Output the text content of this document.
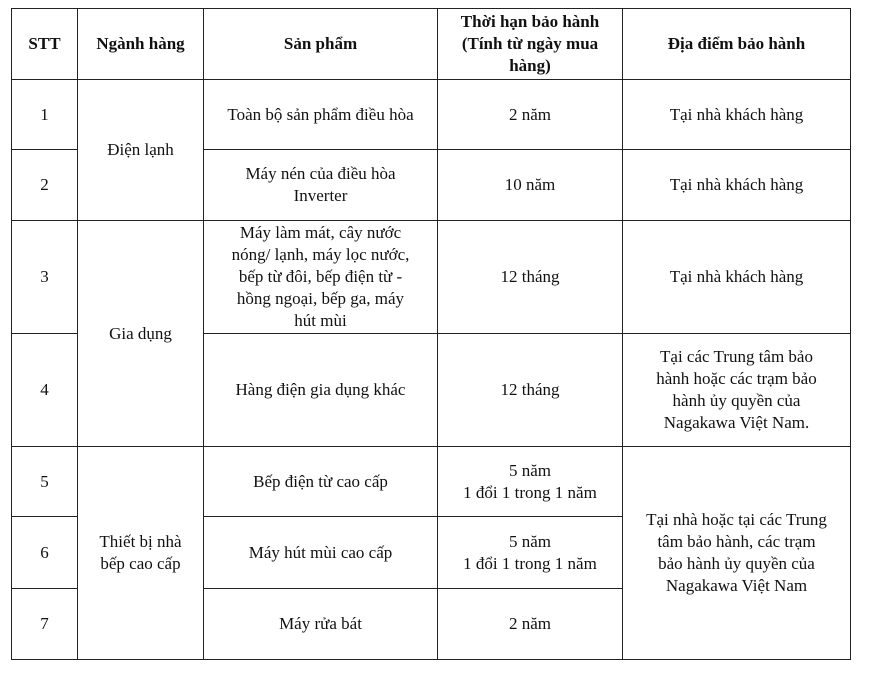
STT	Ngành hàng	Sản phẩm	Thời hạn bảo hành
(Tính từ ngày mua
hàng)	Địa điểm bảo hành
1	Điện lạnh	Toàn bộ sản phẩm điều hòa	2 năm	Tại nhà khách hàng

2		Máy nén của điều hòa
Inverter	10 năm	Tại nhà khách hàng

3	Gia dụng	Máy làm mát, cây nước
nóng/ lạnh, máy lọc nước,
bếp từ đôi, bếp điện từ -
hồng ngoại, bếp ga, máy
hút mùi	12 tháng	Tại nhà khách hàng

4		Hàng điện gia dụng khác	12 tháng	Tại các Trung tâm bảo
hành hoặc các trạm bảo
hành ủy quyền của
Nagakawa Việt Nam.

5	Thiết bị nhà
bếp cao cấp	Bếp điện từ cao cấp	5 năm
1 đổi 1 trong 1 năm	Tại nhà hoặc tại các Trung
tâm bảo hành, các trạm
bảo hành ủy quyền của
Nagakawa Việt Nam

6		Máy hút mùi cao cấp	5 năm
1 đổi 1 trong 1 năm	

7		Máy rửa bát	2 năm	
